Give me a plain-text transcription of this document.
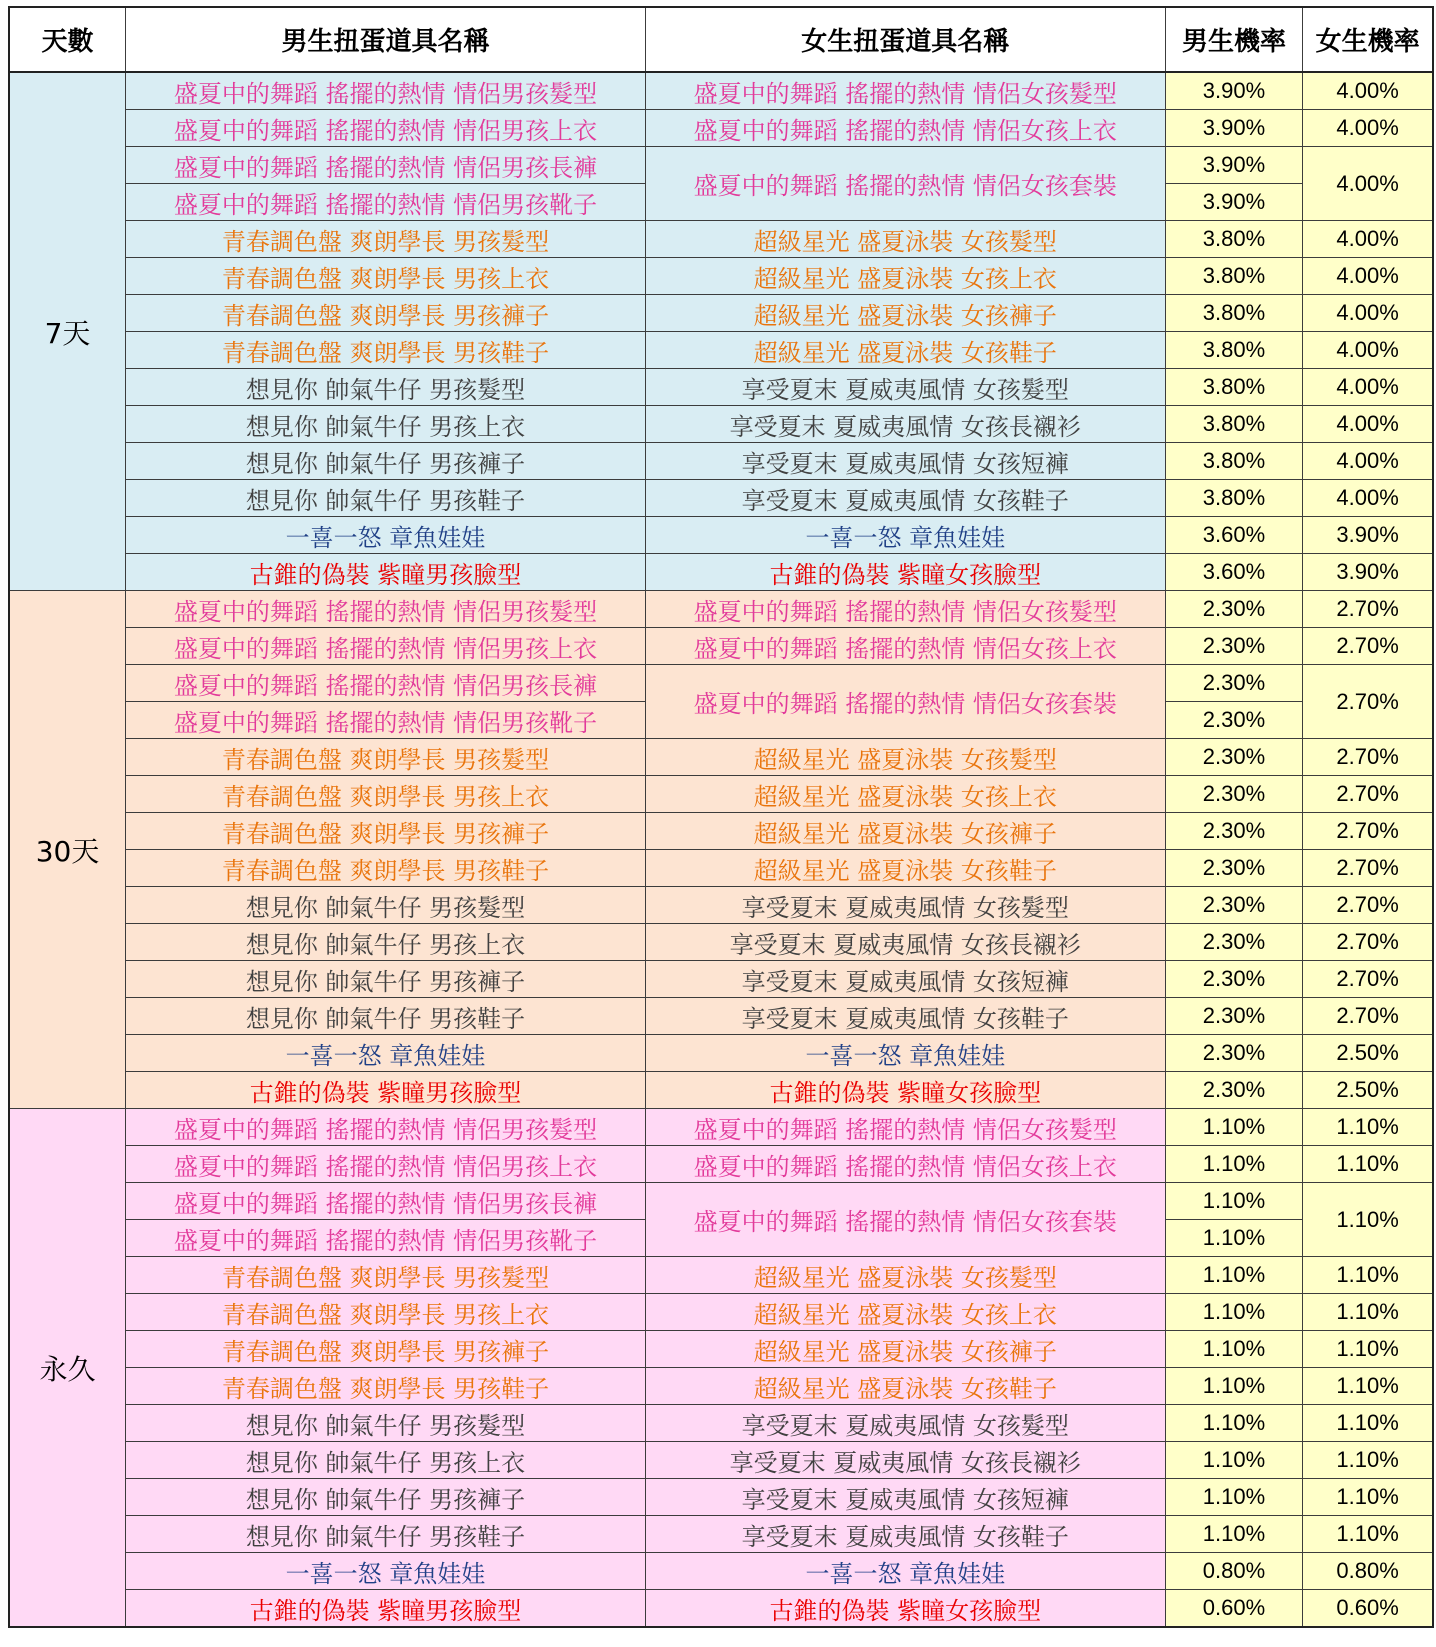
天數	男生扭蛋道具名稱	女生扭蛋道具名稱	男生機率	女生機率
7天	盛夏中的舞蹈 搖擺的熱情 情侶男孩髮型	盛夏中的舞蹈 搖擺的熱情 情侶女孩髮型	3.90%	4.00%
	盛夏中的舞蹈 搖擺的熱情 情侶男孩上衣	盛夏中的舞蹈 搖擺的熱情 情侶女孩上衣	3.90%	4.00%
	盛夏中的舞蹈 搖擺的熱情 情侶男孩長褲	盛夏中的舞蹈 搖擺的熱情 情侶女孩套裝	3.90%	4.00%
	盛夏中的舞蹈 搖擺的熱情 情侶男孩靴子		3.90%	
	青春調色盤 爽朗學長 男孩髮型	超級星光 盛夏泳裝 女孩髮型	3.80%	4.00%
	青春調色盤 爽朗學長 男孩上衣	超級星光 盛夏泳裝 女孩上衣	3.80%	4.00%
	青春調色盤 爽朗學長 男孩褲子	超級星光 盛夏泳裝 女孩褲子	3.80%	4.00%
	青春調色盤 爽朗學長 男孩鞋子	超級星光 盛夏泳裝 女孩鞋子	3.80%	4.00%
	想見你 帥氣牛仔 男孩髮型	享受夏末 夏威夷風情 女孩髮型	3.80%	4.00%
	想見你 帥氣牛仔 男孩上衣	享受夏末 夏威夷風情 女孩長襯衫	3.80%	4.00%
	想見你 帥氣牛仔 男孩褲子	享受夏末 夏威夷風情 女孩短褲	3.80%	4.00%
	想見你 帥氣牛仔 男孩鞋子	享受夏末 夏威夷風情 女孩鞋子	3.80%	4.00%
	一喜一怒 章魚娃娃	一喜一怒 章魚娃娃	3.60%	3.90%
	古錐的偽裝 紫瞳男孩臉型	古錐的偽裝 紫瞳女孩臉型	3.60%	3.90%
30天	盛夏中的舞蹈 搖擺的熱情 情侶男孩髮型	盛夏中的舞蹈 搖擺的熱情 情侶女孩髮型	2.30%	2.70%
	盛夏中的舞蹈 搖擺的熱情 情侶男孩上衣	盛夏中的舞蹈 搖擺的熱情 情侶女孩上衣	2.30%	2.70%
	盛夏中的舞蹈 搖擺的熱情 情侶男孩長褲	盛夏中的舞蹈 搖擺的熱情 情侶女孩套裝	2.30%	2.70%
	盛夏中的舞蹈 搖擺的熱情 情侶男孩靴子		2.30%	
	青春調色盤 爽朗學長 男孩髮型	超級星光 盛夏泳裝 女孩髮型	2.30%	2.70%
	青春調色盤 爽朗學長 男孩上衣	超級星光 盛夏泳裝 女孩上衣	2.30%	2.70%
	青春調色盤 爽朗學長 男孩褲子	超級星光 盛夏泳裝 女孩褲子	2.30%	2.70%
	青春調色盤 爽朗學長 男孩鞋子	超級星光 盛夏泳裝 女孩鞋子	2.30%	2.70%
	想見你 帥氣牛仔 男孩髮型	享受夏末 夏威夷風情 女孩髮型	2.30%	2.70%
	想見你 帥氣牛仔 男孩上衣	享受夏末 夏威夷風情 女孩長襯衫	2.30%	2.70%
	想見你 帥氣牛仔 男孩褲子	享受夏末 夏威夷風情 女孩短褲	2.30%	2.70%
	想見你 帥氣牛仔 男孩鞋子	享受夏末 夏威夷風情 女孩鞋子	2.30%	2.70%
	一喜一怒 章魚娃娃	一喜一怒 章魚娃娃	2.30%	2.50%
	古錐的偽裝 紫瞳男孩臉型	古錐的偽裝 紫瞳女孩臉型	2.30%	2.50%
永久	盛夏中的舞蹈 搖擺的熱情 情侶男孩髮型	盛夏中的舞蹈 搖擺的熱情 情侶女孩髮型	1.10%	1.10%
	盛夏中的舞蹈 搖擺的熱情 情侶男孩上衣	盛夏中的舞蹈 搖擺的熱情 情侶女孩上衣	1.10%	1.10%
	盛夏中的舞蹈 搖擺的熱情 情侶男孩長褲	盛夏中的舞蹈 搖擺的熱情 情侶女孩套裝	1.10%	1.10%
	盛夏中的舞蹈 搖擺的熱情 情侶男孩靴子		1.10%	
	青春調色盤 爽朗學長 男孩髮型	超級星光 盛夏泳裝 女孩髮型	1.10%	1.10%
	青春調色盤 爽朗學長 男孩上衣	超級星光 盛夏泳裝 女孩上衣	1.10%	1.10%
	青春調色盤 爽朗學長 男孩褲子	超級星光 盛夏泳裝 女孩褲子	1.10%	1.10%
	青春調色盤 爽朗學長 男孩鞋子	超級星光 盛夏泳裝 女孩鞋子	1.10%	1.10%
	想見你 帥氣牛仔 男孩髮型	享受夏末 夏威夷風情 女孩髮型	1.10%	1.10%
	想見你 帥氣牛仔 男孩上衣	享受夏末 夏威夷風情 女孩長襯衫	1.10%	1.10%
	想見你 帥氣牛仔 男孩褲子	享受夏末 夏威夷風情 女孩短褲	1.10%	1.10%
	想見你 帥氣牛仔 男孩鞋子	享受夏末 夏威夷風情 女孩鞋子	1.10%	1.10%
	一喜一怒 章魚娃娃	一喜一怒 章魚娃娃	0.80%	0.80%
	古錐的偽裝 紫瞳男孩臉型	古錐的偽裝 紫瞳女孩臉型	0.60%	0.60%
